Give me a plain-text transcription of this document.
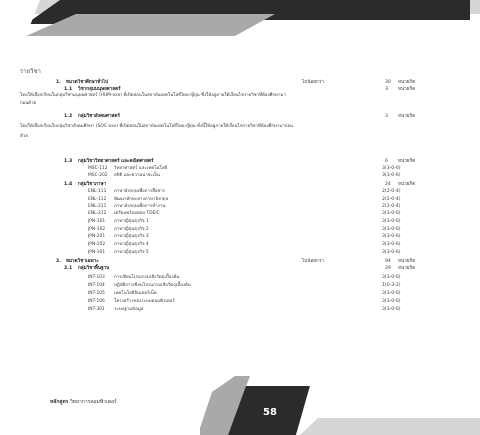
รายวิชา
1. หมวดวิชาศึกษาทั่วไป	ไม่น้อยกว่า	30 หน่วยกิต
1.1 วิชากลุ่มมนุษยศาสตร์	3 หน่วยกิต
1.2 กลุ่มวิชาสังคมศาสตร์	3 หน่วยกิต
1.3 กลุ่มวิชาวิทยาศาสตร์ และคณิตศาสตร์	6 หน่วยกิต
MSC-112 วิทยาศาสตร์ และเทคโนโลยี	3(3-0-6)
MSC-202 สถิติ และความน่าจะเป็น	3(3-0-6)
1.4 กลุ่มวิชาภาษา	24 หน่วยกิต
ENL-111 ภาษาอังกฤษเพื่อการสื่อสาร	2(2-0-4)
ENL-112 พัฒนาทักษะทางภาษาอังกฤษ	2(2-0-4)
ENL-211 ภาษาอังกฤษเพื่อการทำงาน	2(2-0-4)
ENL-212 เตรียมพร้อมสอบ TOEIC	3(3-0-6)
JPN-101 ภาษาญี่ปุ่นธุรกิจ 1	3(3-0-6)
JPN-102 ภาษาญี่ปุ่นธุรกิจ 2	3(3-0-6)
JPN-201 ภาษาญี่ปุ่นธุรกิจ 3	3(3-0-6)
JPN-202 ภาษาญี่ปุ่นธุรกิจ 4	3(3-0-6)
JPN-301 ภาษาญี่ปุ่นธุรกิจ 5	3(3-0-6)
2. หมวดวิชาเฉพาะ	ไม่น้อยกว่า	94 หน่วยกิต
2.1 กลุ่มวิชาพื้นฐาน	29 หน่วยกิต
INT-103 การเขียนโปรแกรมเชิงวัตถุเบื้องต้น	3(3-0-6)
INT-104 ปฏิบัติการเขียนโปรแกรมเชิงวัตถุเบื้องต้น	1(0-3-2)
INT-105 เทคโนโลยีอินเทอร์เน็ต	3(3-0-6)
INT-106 โครงสร้างของระบบคอมพิวเตอร์	3(3-0-6)
INT-301 ระบบฐานข้อมูล	3(3-0-6)
โดยให้เลือกเรียนในกลุ่มวิชามนุษยศาสตร์ (HUM-xxx) ที่เปิดสอนในสถาบันเทคโนโลยีไทย-ญี่ปุ่น ซึ่งให้อยู่ภายใต้เงื่อนไขรายวิชาที่ต้องศึกษามา
ก่อนด้วย
โดยให้เลือกเรียนในกลุ่มวิชาสังคมศึกษา (SOC-xxx) ที่เปิดสอนในสถาบันเทคโนโลยีไทย-ญี่ปุ่น ทั้งนี้ให้อยู่ภายใต้เงื่อนไขรายวิชาที่ต้องศึกษามาก่อน
ด้วย
หลักสูตร วิทยาการคอมพิวเตอร์
58
